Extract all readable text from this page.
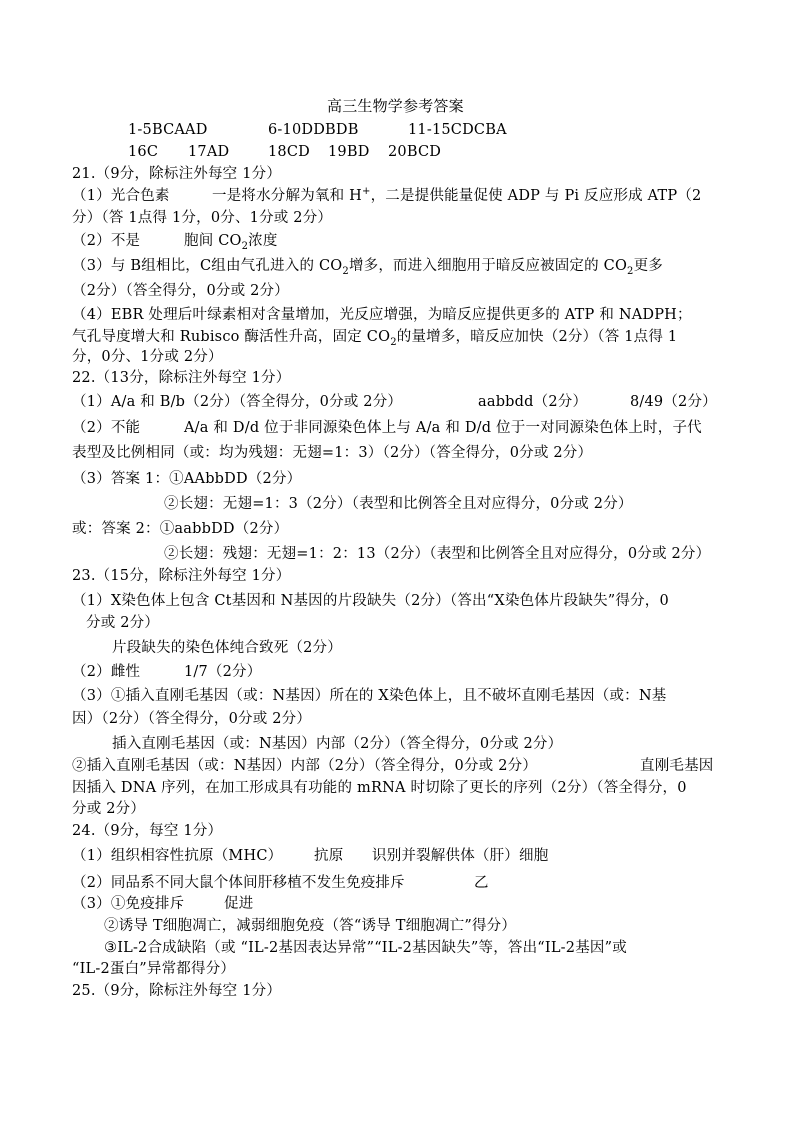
高三生物学参考答案
1-5BCAAD	6-10DDBDB	11-15CDCBA
16C 17AD	18CD 19BD 20BCD
21.（9分，除标注外每空 1分）
（1）光合色素	一是将水分解为氧和 H+，二是提供能量促使 ADP 与 Pi 反应形成 ATP（2
分）（答 1点得 1分，0分、1分或 2分）
（2）不是	胞间 $CO_2$浓度
（3）与 B组相比，C组由气孔进入的 $CO_2$增多，而进入细胞用于暗反应被固定的 $CO_2$更多
（2分）（答全得分，0分或 2分）
（4）EBR 处理后叶绿素相对含量增加，光反应增强，为暗反应提供更多的 ATP 和 NADPH；
气孔导度增大和 Rubisco 酶活性升高，固定 $CO_2$的量增多，暗反应加快（2分）（答 1点得 1
分，0分、1分或 2分）
22.（13分，除标注外每空 1分）
（1）A/a 和 B/b（2分）（答全得分，0分或 2分）	aabbdd（2分）	8/49（2分）
（2）不能	A/a 和 D/d 位于非同源染色体上与 A/a 和 D/d 位于一对同源染色体上时，子代
表型及比例相同（或：均为残翅：无翅=1：3）（2分）（答全得分，0分或 2分）
（3）答案 1：①AAbbDD（2分）
②长翅：无翅=1：3（2分）（表型和比例答全且对应得分，0分或 2分）
或：答案 2：①aabbDD（2分）
②长翅：残翅：无翅=1：2：13（2分）（表型和比例答全且对应得分，0分或 2分）
23.（15分，除标注外每空 1分）
（1）X染色体上包含 Ct基因和 N基因的片段缺失（2分）（答出“X染色体片段缺失”得分，0
分或 2分）
片段缺失的染色体纯合致死（2分）
（2）雌性	1/7（2分）
（3）①插入直刚毛基因（或：N基因）所在的 X染色体上，且不破坏直刚毛基因（或：N基
因）（2分）（答全得分，0分或 2分）
插入直刚毛基因（或：N基因）内部（2分）（答全得分，0分或 2分）
②插入直刚毛基因（或：N基因）内部（2分）（答全得分，0分或 2分）	直刚毛基因
因插入 DNA 序列，在加工形成具有功能的 mRNA 时切除了更长的序列（2分）（答全得分，0
分或 2分）
24.（9分，每空 1分）
（1）组织相容性抗原（MHC） 抗原 识别并裂解供体（肝）细胞
（2）同品系不同大鼠个体间肝移植不发生免疫排斥	乙
（3）①免疫排斥	促进
②诱导 T细胞凋亡，减弱细胞免疫（答“诱导 T细胞凋亡”得分）
③IL-2合成缺陷（或 “IL-2基因表达异常”“IL-2基因缺失”等，答出“IL-2基因”或
“IL-2蛋白”异常都得分）
25.（9分，除标注外每空 1分）
